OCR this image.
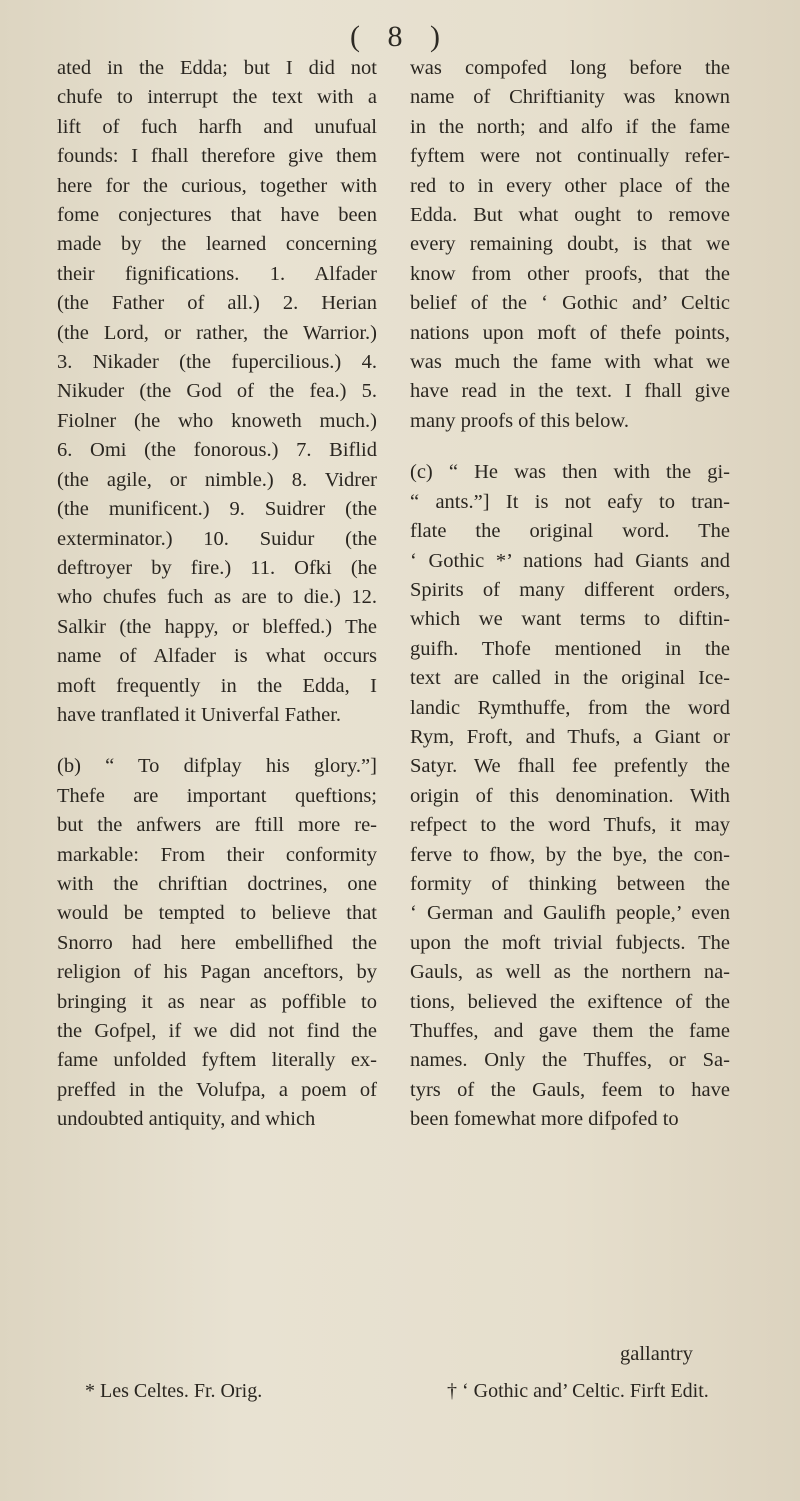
( 8 )
ated in the Edda; but I did not
chufe to interrupt the text with a
lift of fuch harfh and unufual
founds: I fhall therefore give them
here for the curious, together with
fome conjectures that have been
made by the learned concerning
their fignifications. 1. Alfader
(the Father of all.) 2. Herian
(the Lord, or rather, the Warrior.)
3. Nikader (the fupercilious.) 4.
Nikuder (the God of the fea.) 5.
Fiolner (he who knoweth much.)
6. Omi (the fonorous.) 7. Biflid
(the agile, or nimble.) 8. Vidrer
(the munificent.) 9. Suidrer (the
exterminator.) 10. Suidur (the
deftroyer by fire.) 11. Ofki (he
who chufes fuch as are to die.) 12.
Salkir (the happy, or bleffed.) The
name of Alfader is what occurs
moft frequently in the Edda, I
have tranflated it Univerfal Father.
(b) “ To difplay his glory.”]
Thefe are important queftions;
but the anfwers are ftill more re-
markable: From their conformity
with the chriftian doctrines, one
would be tempted to believe that
Snorro had here embellifhed the
religion of his Pagan anceftors, by
bringing it as near as poffible to
the Gofpel, if we did not find the
fame unfolded fyftem literally ex-
preffed in the Volufpa, a poem of
undoubted antiquity, and which
was compofed long before the
name of Chriftianity was known
in the north; and alfo if the fame
fyftem were not continually refer-
red to in every other place of the
Edda. But what ought to remove
every remaining doubt, is that we
know from other proofs, that the
belief of the ‘ Gothic and’ Celtic
nations upon moft of thefe points,
was much the fame with what we
have read in the text. I fhall give
many proofs of this below.
(c) “ He was then with the gi-
“ ants.”] It is not eafy to tran-
flate the original word. The
‘ Gothic *’ nations had Giants and
Spirits of many different orders,
which we want terms to diftin-
guifh. Thofe mentioned in the
text are called in the original Ice-
landic Rymthuffe, from the word
Rym, Froft, and Thufs, a Giant or
Satyr. We fhall fee prefently the
origin of this denomination. With
refpect to the word Thufs, it may
ferve to fhow, by the bye, the con-
formity of thinking between the
‘ German and Gaulifh people,’ even
upon the moft trivial fubjects. The
Gauls, as well as the northern na-
tions, believed the exiftence of the
Thuffes, and gave them the fame
names. Only the Thuffes, or Sa-
tyrs of the Gauls, feem to have
been fomewhat more difpofed to
gallantry
* Les Celtes. Fr. Orig.	† ‘ Gothic and’ Celtic. Firft Edit.
